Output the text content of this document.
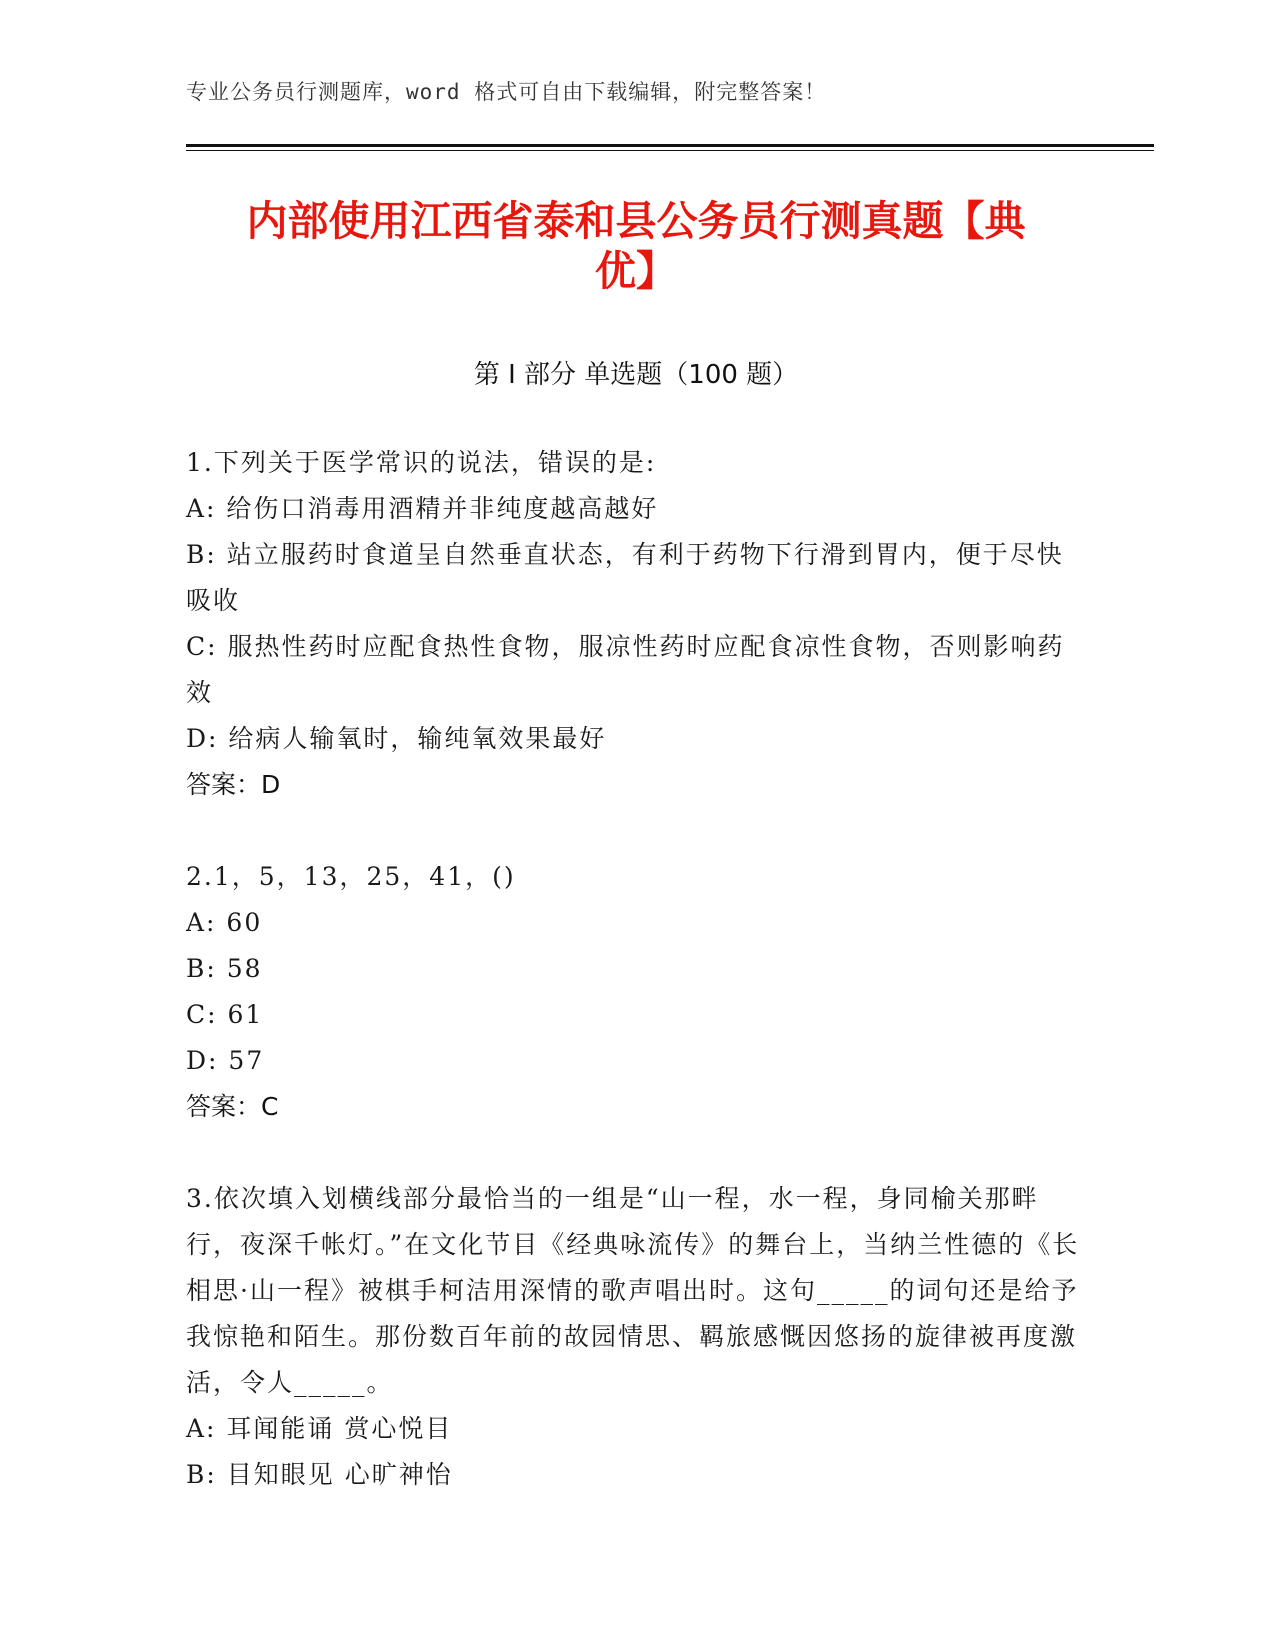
专业公务员行测题库，word 格式可自由下载编辑，附完整答案！
内部使用江西省泰和县公务员行测真题【典
优】
第 I 部分 单选题（100 题）
1.下列关于医学常识的说法，错误的是:
A: 给伤口消毒用酒精并非纯度越高越好
B: 站立服药时食道呈自然垂直状态，有利于药物下行滑到胃内，便于尽快吸收
C: 服热性药时应配食热性食物，服凉性药时应配食凉性食物，否则影响药效
D: 给病人输氧时，输纯氧效果最好
答案：D
2.1，5，13，25，41，()
A: 60
B: 58
C: 61
D: 57
答案：C
3.依次填入划横线部分最恰当的一组是“山一程，水一程，身同榆关那畔行，夜深千帐灯。”在文化节目《经典咏流传》的舞台上，当纳兰性德的《长相思·山一程》被棋手柯洁用深情的歌声唱出时。这句_____的词句还是给予我惊艳和陌生。那份数百年前的故园情思、羁旅感慨因悠扬的旋律被再度激活，令人_____。
A: 耳闻能诵 赏心悦目
B: 目知眼见 心旷神怡
